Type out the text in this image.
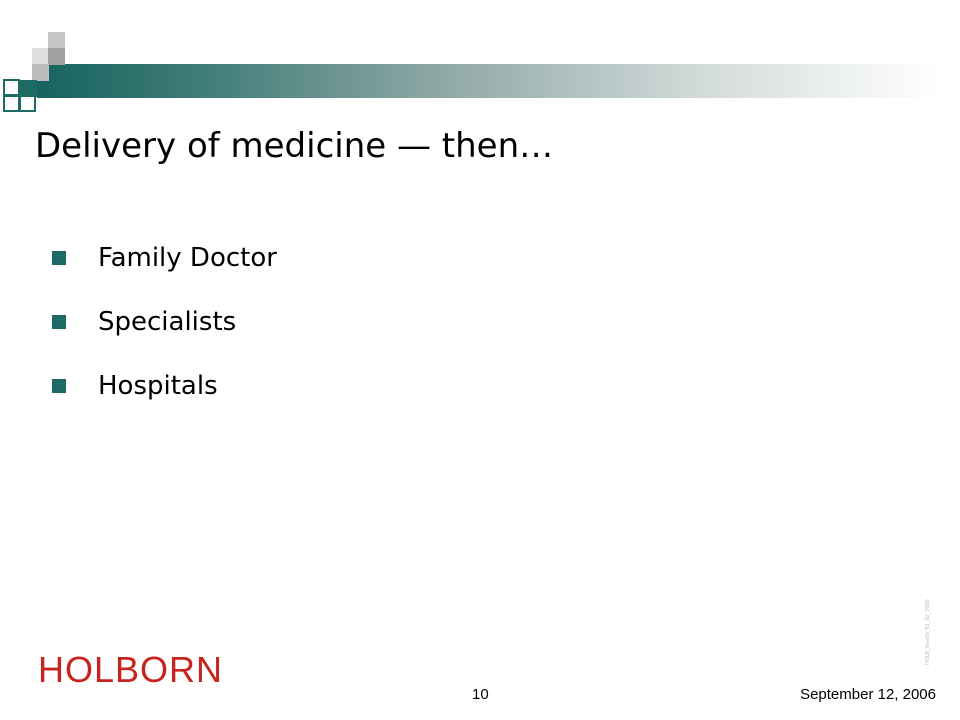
Delivery of medicine — then…
Family Doctor
Specialists
Hospitals
HOLBORN
HOLB_Health_01_02_2006
10	September 12, 2006
